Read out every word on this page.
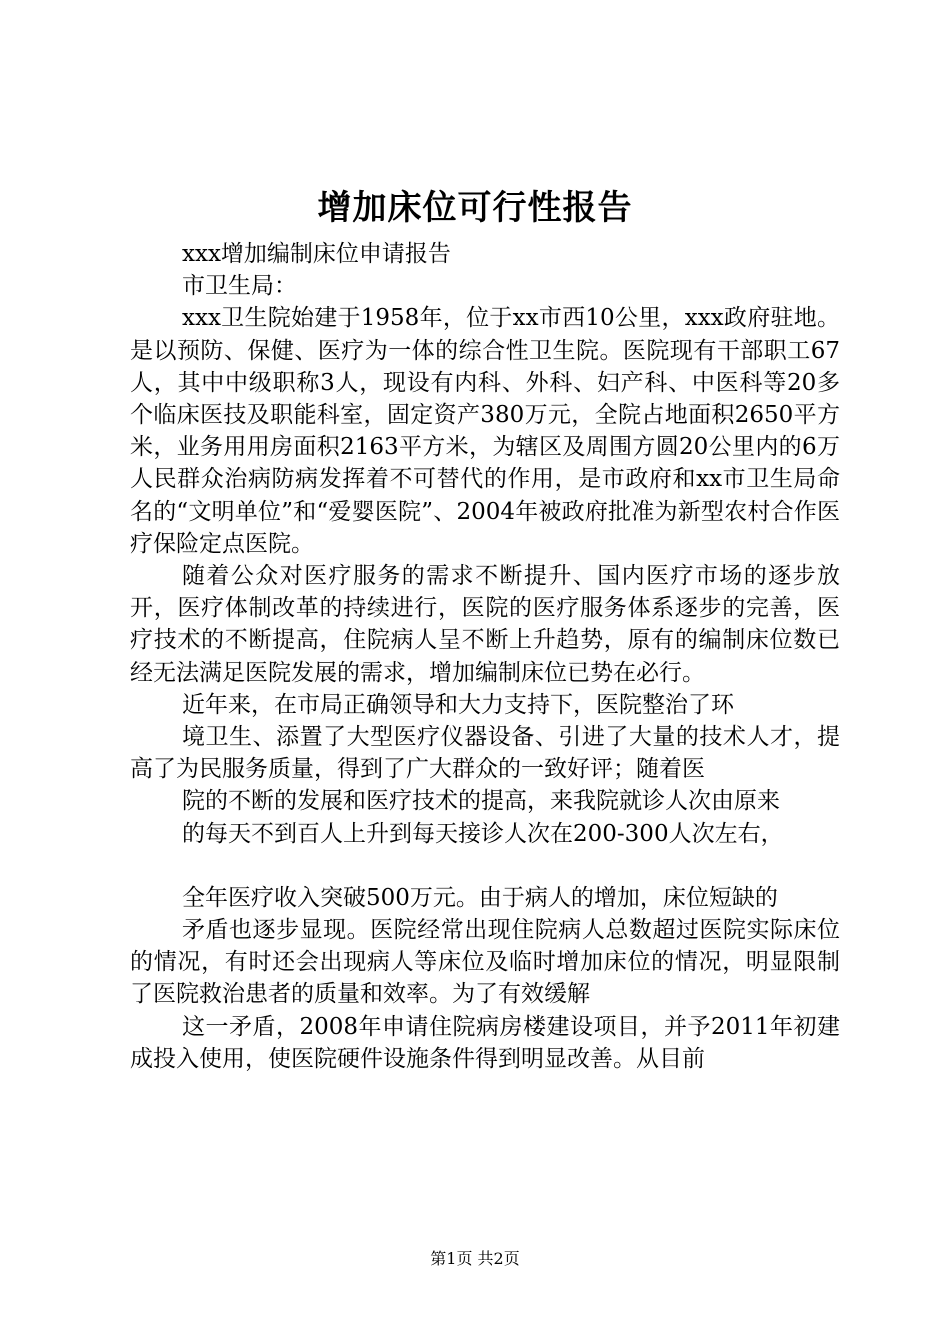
增加床位可行性报告

xxx增加编制床位申请报告

市卫生局：

xxx卫生院始建于1958年，位于xx市西10公里，xxx政府驻地。是以预防、保健、医疗为一体的综合性卫生院。医院现有干部职工67人，其中中级职称3人，现设有内科、外科、妇产科、中医科等20多个临床医技及职能科室，固定资产380万元，全院占地面积2650平方米，业务用用房面积2163平方米，为辖区及周围方圆20公里内的6万人民群众治病防病发挥着不可替代的作用，是市政府和xx市卫生局命名的“文明单位”和“爱婴医院”、2004年被政府批准为新型农村合作医疗保险定点医院。

随着公众对医疗服务的需求不断提升、国内医疗市场的逐步放开，医疗体制改革的持续进行，医院的医疗服务体系逐步的完善，医疗技术的不断提高，住院病人呈不断上升趋势，原有的编制床位数已经无法满足医院发展的需求，增加编制床位已势在必行。

近年来，在市局正确领导和大力支持下，医院整治了环

境卫生、添置了大型医疗仪器设备、引进了大量的技术人才，提高了为民服务质量，得到了广大群众的一致好评；随着医

院的不断的发展和医疗技术的提高，来我院就诊人次由原来

的每天不到百人上升到每天接诊人次在200-300人次左右，

全年医疗收入突破500万元。由于病人的增加，床位短缺的

矛盾也逐步显现。医院经常出现住院病人总数超过医院实际床位的情况，有时还会出现病人等床位及临时增加床位的情况，明显限制了医院救治患者的质量和效率。为了有效缓解

这一矛盾，2008年申请住院病房楼建设项目，并予2011年初建成投入使用，使医院硬件设施条件得到明显改善。从目前

第1页 共2页
